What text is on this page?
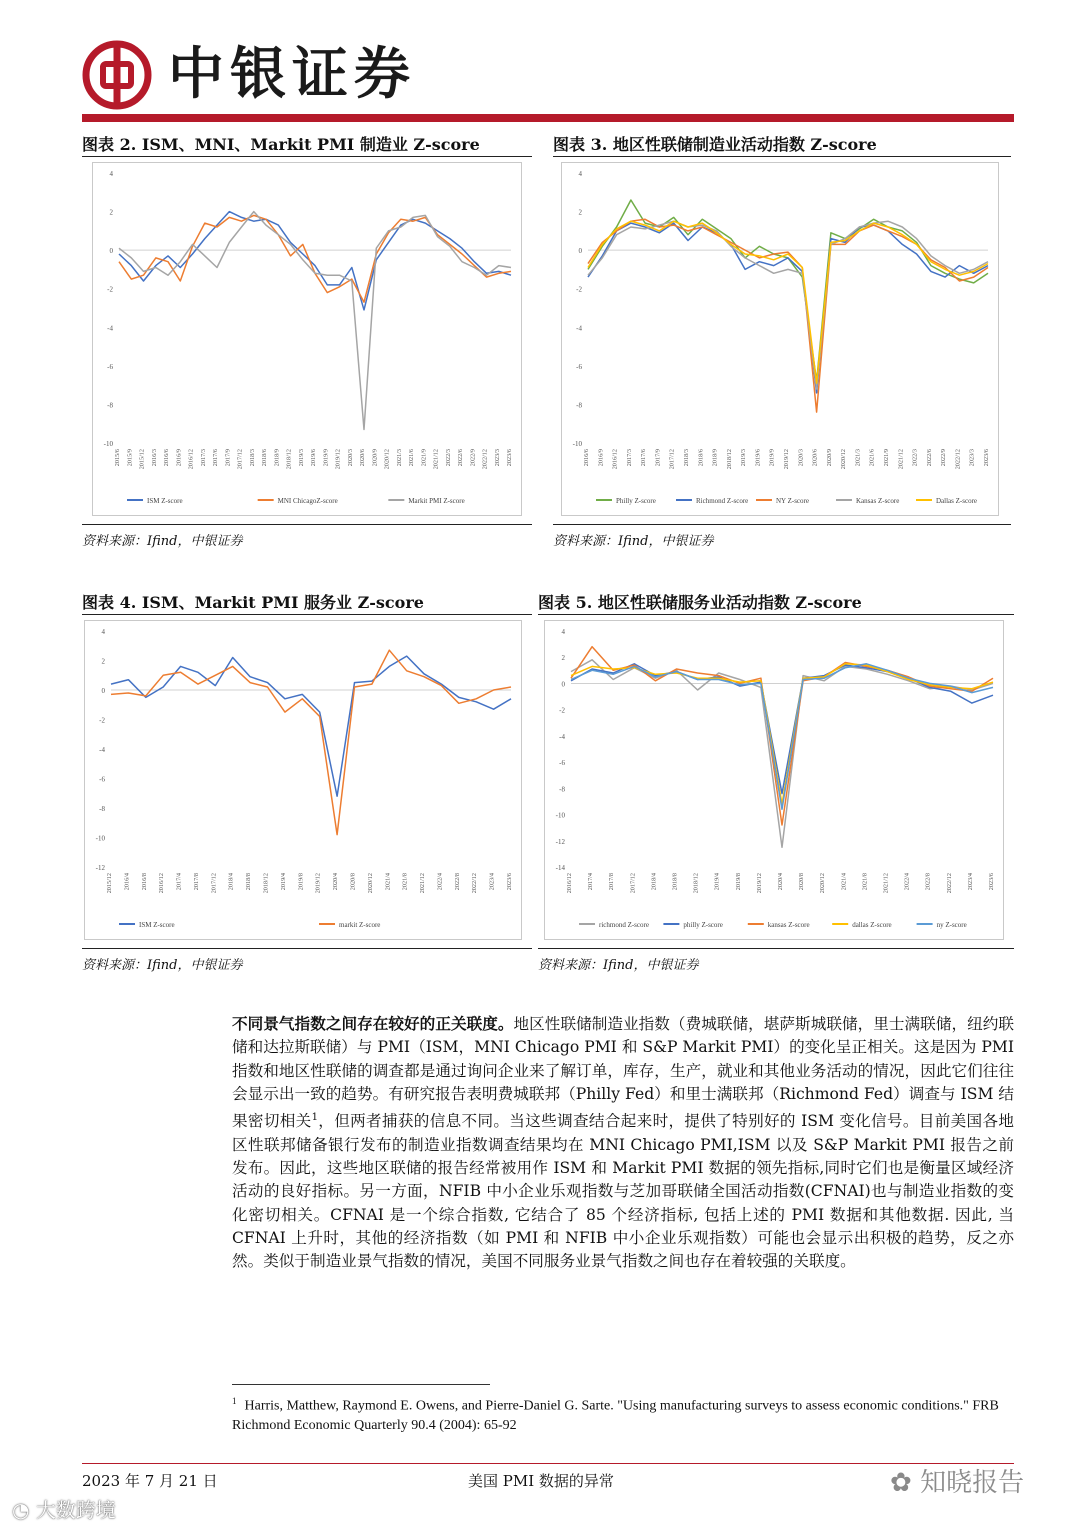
中银证券
图表 2. ISM、MNI、Markit PMI 制造业 Z-score
4
2
0
-2
-4
-6
-8
-10
2015/6 2015/9 2015/12 2016/3 2016/6 2016/9 2016/12 2017/3 2017/6 2017/9 2017/12 2018/3 2018/6 2018/9 2018/12 2019/3 2019/6 2019/9 2019/12 2020/3 2020/6 2020/9 2020/12 2021/3 2021/6 2021/9 2021/12 2022/3 2022/6 2022/9 2022/12 2023/3 2023/6
ISM Z-score	MNI ChicagoZ-score	Markit PMI Z-score
资料来源：Ifind，中银证券
图表 3. 地区性联储制造业活动指数 Z-score
4
2
0
-2
-4
-6
-8
-10
2016/6 2016/9 2016/12 2017/3 2017/6 2017/9 2017/12 2018/3 2018/6 2018/9 2018/12 2019/3 2019/6 2019/9 2019/12 2020/3 2020/6 2020/9 2020/12 2021/3 2021/6 2021/9 2021/12 2022/3 2022/6 2022/9 2022/12 2023/3 2023/6
Philly Z-score	Richmond Z-score	NY Z-score	Kansas Z-score	Dallas Z-score
资料来源：Ifind，中银证券
图表 4. ISM、Markit PMI 服务业 Z-score
4
2
0
-2
-4
-6
-8
-10
-12
2015/12 2016/4 2016/8 2016/12 2017/4 2017/8 2017/12 2018/4 2018/8 2018/12 2019/4 2019/8 2019/12 2020/4 2020/8 2020/12 2021/4 2021/8 2021/12 2022/4 2022/8 2022/12 2023/4 2023/6
ISM Z-score	markit Z-score
资料来源：Ifind，中银证券
图表 5. 地区性联储服务业活动指数 Z-score
4
2
0
-2
-4
-6
-8
-10
-12
-14
2016/12 2017/4 2017/8 2017/12 2018/4 2018/8 2018/12 2019/4 2019/8 2019/12 2020/4 2020/8 2020/12 2021/4 2021/8 2021/12 2022/4 2022/8 2022/12 2023/4 2023/6
richmond Z-score	philly Z-score	kansas Z-score	dallas Z-score	ny Z-score
资料来源：Ifind，中银证券

不同景气指数之间存在较好的正关联度。地区性联储制造业指数（费城联储，堪萨斯城联储，里士满联储，纽约联储和达拉斯联储）与 PMI（ISM，MNI Chicago PMI 和 S&P Markit PMI）的变化呈正相关。这是因为 PMI 指数和地区性联储的调查都是通过询问企业来了解订单，库存，生产，就业和其他业务活动的情况，因此它们往往会显示出一致的趋势。有研究报告表明费城联邦（Philly Fed）和里士满联邦（Richmond Fed）调查与 ISM 结果密切相关$^1$，但两者捕获的信息不同。当这些调查结合起来时，提供了特别好的 ISM 变化信号。目前美国各地区性联邦储备银行发布的制造业指数调查结果均在 MNI Chicago PMI,ISM 以及 S&P Markit PMI 报告之前发布。因此，这些地区联储的报告经常被用作 ISM 和 Markit PMI 数据的领先指标,同时它们也是衡量区域经济活动的良好指标。另一方面，NFIB 中小企业乐观指数与芝加哥联储全国活动指数(CFNAI)也与制造业指数的变化密切相关。CFNAI 是一个综合指数, 它结合了 85 个经济指标, 包括上述的 PMI 数据和其他数据. 因此, 当 CFNAI 上升时，其他的经济指数（如 PMI 和 NFIB 中小企业乐观指数）可能也会显示出积极的趋势，反之亦然。类似于制造业景气指数的情况，美国不同服务业景气指数之间也存在着较强的关联度。

$^1$ Harris, Matthew, Raymond E. Owens, and Pierre-Daniel G. Sarte. "Using manufacturing surveys to assess economic conditions." FRB Richmond Economic Quarterly 90.4 (2004): 65-92
2023 年 7 月 21 日	美国 PMI 数据的异常	✿ 知晓报告
◔ 大数跨境
